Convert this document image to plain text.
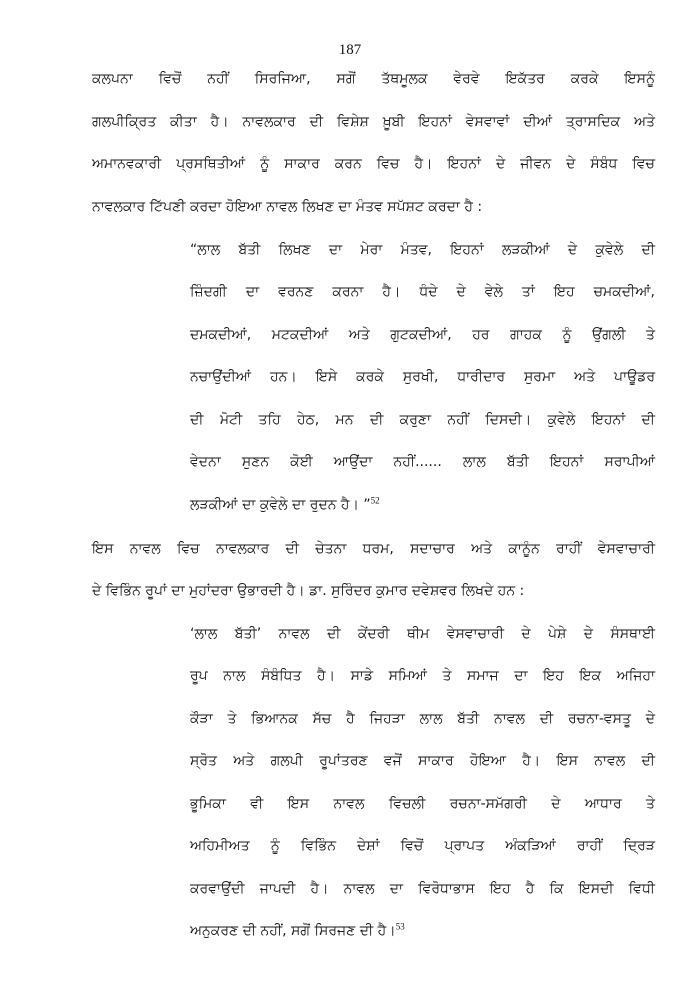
187
ਕਲਪਨਾ ਵਿਚੋਂ ਨਹੀਂ ਸਿਰਜਿਆ, ਸਗੋਂ ਤੱਥਮੂਲਕ ਵੇਰਵੇ ਇਕੱਤਰ ਕਰਕੇ ਇਸਨੂੰ
ਗਲਪੀਕ੍ਰਿਤ ਕੀਤਾ ਹੈ। ਨਾਵਲਕਾਰ ਦੀ ਵਿਸ਼ੇਸ਼ ਖ਼ੂਬੀ ਇਹਨਾਂ ਵੇਸਵਾਵਾਂ ਦੀਆਂ ਤ੍ਰਾਸਦਿਕ ਅਤੇ
ਅਮਾਨਵਕਾਰੀ ਪ੍ਰਸਥਿਤੀਆਂ ਨੂੰ ਸਾਕਾਰ ਕਰਨ ਵਿਚ ਹੈ। ਇਹਨਾਂ ਦੇ ਜੀਵਨ ਦੇ ਸੰਬੰਧ ਵਿਚ
ਨਾਵਲਕਾਰ ਟਿੱਪਣੀ ਕਰਦਾ ਹੋਇਆ ਨਾਵਲ ਲਿਖਣ ਦਾ ਮੰਤਵ ਸਪੱਸ਼ਟ ਕਰਦਾ ਹੈ :
“ਲਾਲ ਬੱਤੀ ਲਿਖਣ ਦਾ ਮੇਰਾ ਮੰਤਵ, ਇਹਨਾਂ ਲੜਕੀਆਂ ਦੇ ਕੁਵੇਲੇ ਦੀ
ਜ਼ਿੰਦਗੀ ਦਾ ਵਰਨਣ ਕਰਨਾ ਹੈ। ਧੰਦੇ ਦੇ ਵੇਲੇ ਤਾਂ ਇਹ ਚਮਕਦੀਆਂ,
ਦਮਕਦੀਆਂ, ਮਟਕਦੀਆਂ ਅਤੇ ਗੁਟਕਦੀਆਂ, ਹਰ ਗਾਹਕ ਨੂੰ ਉਂਗਲੀ ਤੇ
ਨਚਾਉਂਦੀਆਂ ਹਨ। ਇਸੇ ਕਰਕੇ ਸੁਰਖੀ, ਧਾਰੀਦਾਰ ਸੁਰਮਾ ਅਤੇ ਪਾਊਡਰ
ਦੀ ਮੋਟੀ ਤਹਿ ਹੇਠ, ਮਨ ਦੀ ਕਰੁਣਾ ਨਹੀਂ ਦਿਸਦੀ। ਕੁਵੇਲੇ ਇਹਨਾਂ ਦੀ
ਵੇਦਨਾ ਸੁਣਨ ਕੋਈ ਆਉਂਦਾ ਨਹੀਂ...... ਲਾਲ ਬੱਤੀ ਇਹਨਾਂ ਸਰਾਪੀਆਂ
ਲੜਕੀਆਂ ਦਾ ਕੁਵੇਲੇ ਦਾ ਰੁਦਨ ਹੈ। ”$^{52}$
ਇਸ ਨਾਵਲ ਵਿਚ ਨਾਵਲਕਾਰ ਦੀ ਚੇਤਨਾ ਧਰਮ, ਸਦਾਚਾਰ ਅਤੇ ਕਾਨੂੰਨ ਰਾਹੀਂ ਵੇਸਵਾਚਾਰੀ
ਦੇ ਵਿਭਿੰਨ ਰੂਪਾਂ ਦਾ ਮੁਹਾਂਦਰਾ ਉਭਾਰਦੀ ਹੈ। ਡਾ. ਸੁਰਿੰਦਰ ਕੁਮਾਰ ਦਵੇਸ਼ਵਰ ਲਿਖਦੇ ਹਨ :
‘ਲਾਲ ਬੱਤੀ’ ਨਾਵਲ ਦੀ ਕੇਂਦਰੀ ਥੀਮ ਵੇਸਵਾਚਾਰੀ ਦੇ ਪੇਸ਼ੇ ਦੇ ਸੰਸਥਾਈ
ਰੂਪ ਨਾਲ ਸੰਬੰਧਿਤ ਹੈ। ਸਾਡੇ ਸਮਿਆਂ ਤੇ ਸਮਾਜ ਦਾ ਇਹ ਇਕ ਅਜਿਹਾ
ਕੌੜਾ ਤੇ ਭਿਆਨਕ ਸੱਚ ਹੈ ਜਿਹੜਾ ਲਾਲ ਬੱਤੀ ਨਾਵਲ ਦੀ ਰਚਨਾ-ਵਸਤੂ ਦੇ
ਸ੍ਰੋਤ ਅਤੇ ਗਲਪੀ ਰੂਪਾਂਤਰਣ ਵਜੋਂ ਸਾਕਾਰ ਹੋਇਆ ਹੈ। ਇਸ ਨਾਵਲ ਦੀ
ਭੂਮਿਕਾ ਵੀ ਇਸ ਨਾਵਲ ਵਿਚਲੀ ਰਚਨਾ-ਸਮੱਗਰੀ ਦੇ ਆਧਾਰ ਤੇ
ਅਹਿਮੀਅਤ ਨੂੰ ਵਿਭਿੰਨ ਦੇਸ਼ਾਂ ਵਿਚੋਂ ਪ੍ਰਾਪਤ ਅੰਕੜਿਆਂ ਰਾਹੀਂ ਦ੍ਰਿੜ
ਕਰਵਾਉਂਦੀ ਜਾਪਦੀ ਹੈ। ਨਾਵਲ ਦਾ ਵਿਰੋਧਾਭਾਸ ਇਹ ਹੈ ਕਿ ਇਸਦੀ ਵਿਧੀ
ਅਨੁਕਰਣ ਦੀ ਨਹੀਂ, ਸਗੋਂ ਸਿਰਜਣ ਦੀ ਹੈ।$^{53}$
